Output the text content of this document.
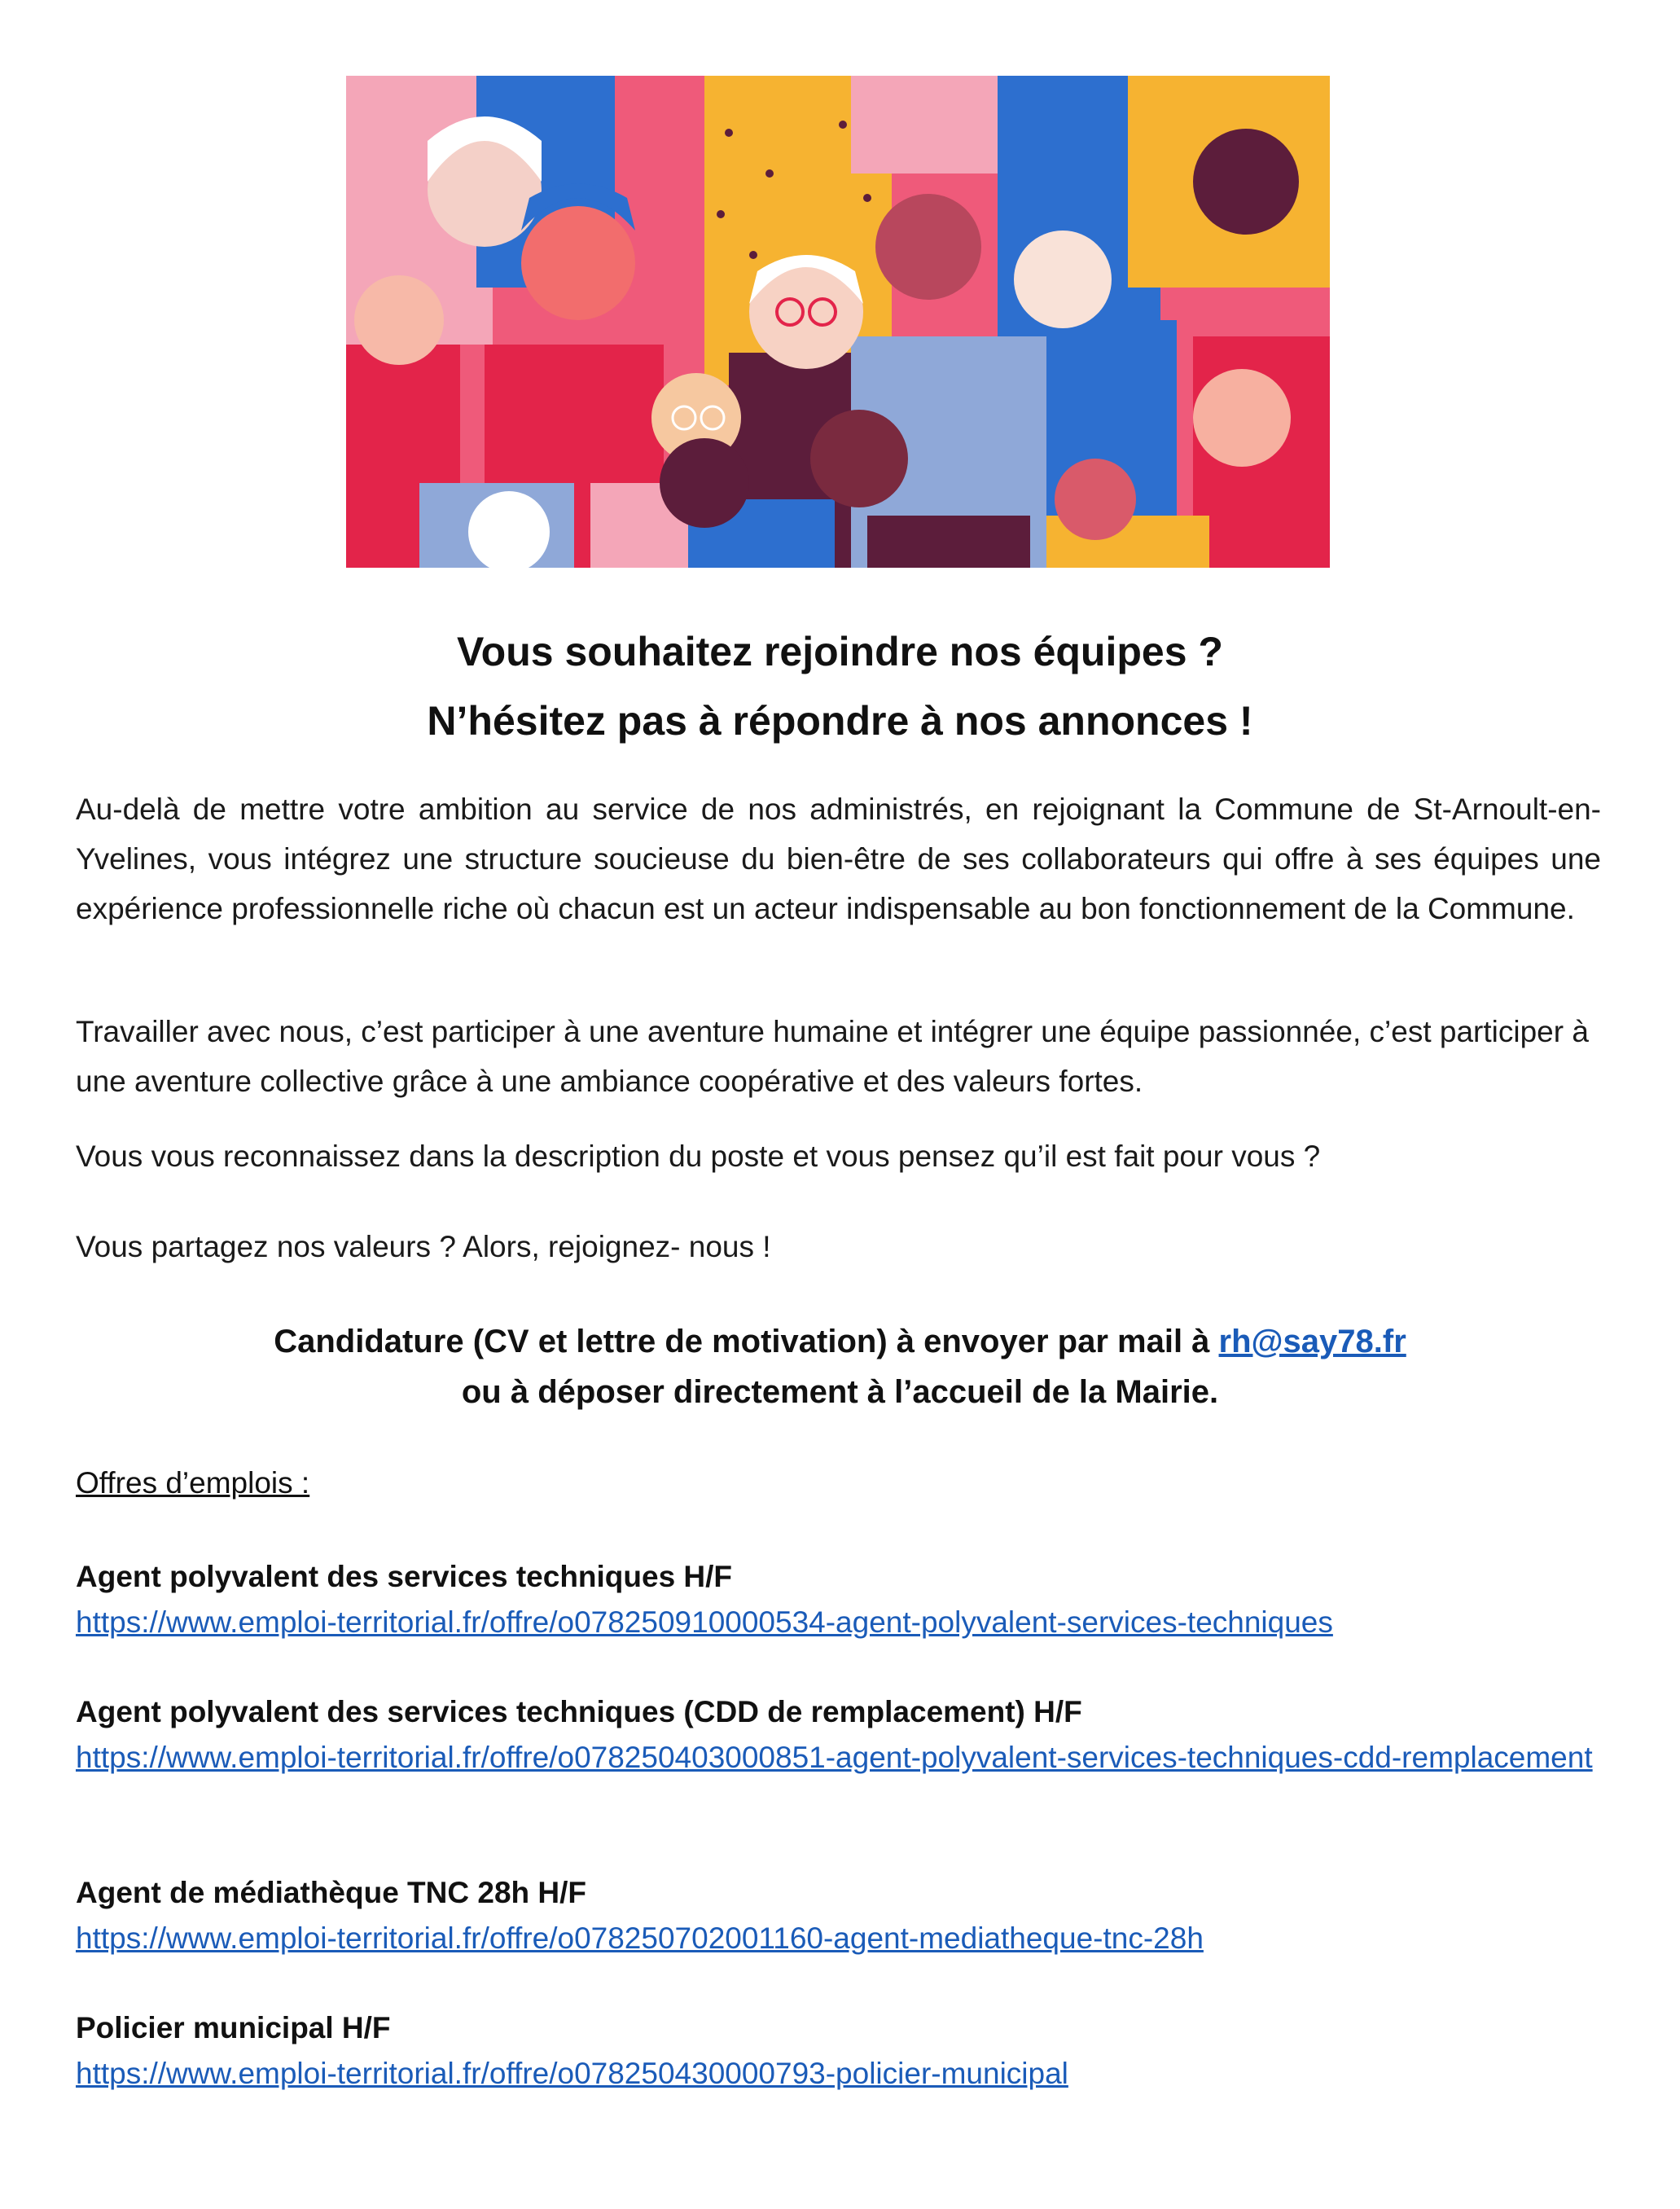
Vous souhaitez rejoindre nos équipes ?
N’hésitez pas à répondre à nos annonces !
Au-delà de mettre votre ambition au service de nos administrés, en rejoignant la Commune de St-Arnoult-en-Yvelines, vous intégrez une structure soucieuse du bien-être de ses collaborateurs qui offre à ses équipes une expérience professionnelle riche où chacun est un acteur indispensable au bon fonctionnement de la Commune.
Travailler avec nous, c’est participer à une aventure humaine et intégrer une équipe passionnée, c’est participer à une aventure collective grâce à une ambiance coopérative et des valeurs fortes.
Vous vous reconnaissez dans la description du poste et vous pensez qu’il est fait pour vous ?
Vous partagez nos valeurs ? Alors, rejoignez- nous !
Candidature (CV et lettre de motivation) à envoyer par mail à rh@say78.fr
ou à déposer directement à l’accueil de la Mairie.
Offres d’emplois :
Agent polyvalent des services techniques H/F
https://www.emploi-territorial.fr/offre/o078250910000534-agent-polyvalent-services-techniques
Agent polyvalent des services techniques (CDD de remplacement) H/F
https://www.emploi-territorial.fr/offre/o078250403000851-agent-polyvalent-services-techniques-cdd-remplacement
Agent de médiathèque TNC 28h H/F
https://www.emploi-territorial.fr/offre/o078250702001160-agent-mediatheque-tnc-28h
Policier municipal H/F
https://www.emploi-territorial.fr/offre/o078250430000793-policier-municipal
